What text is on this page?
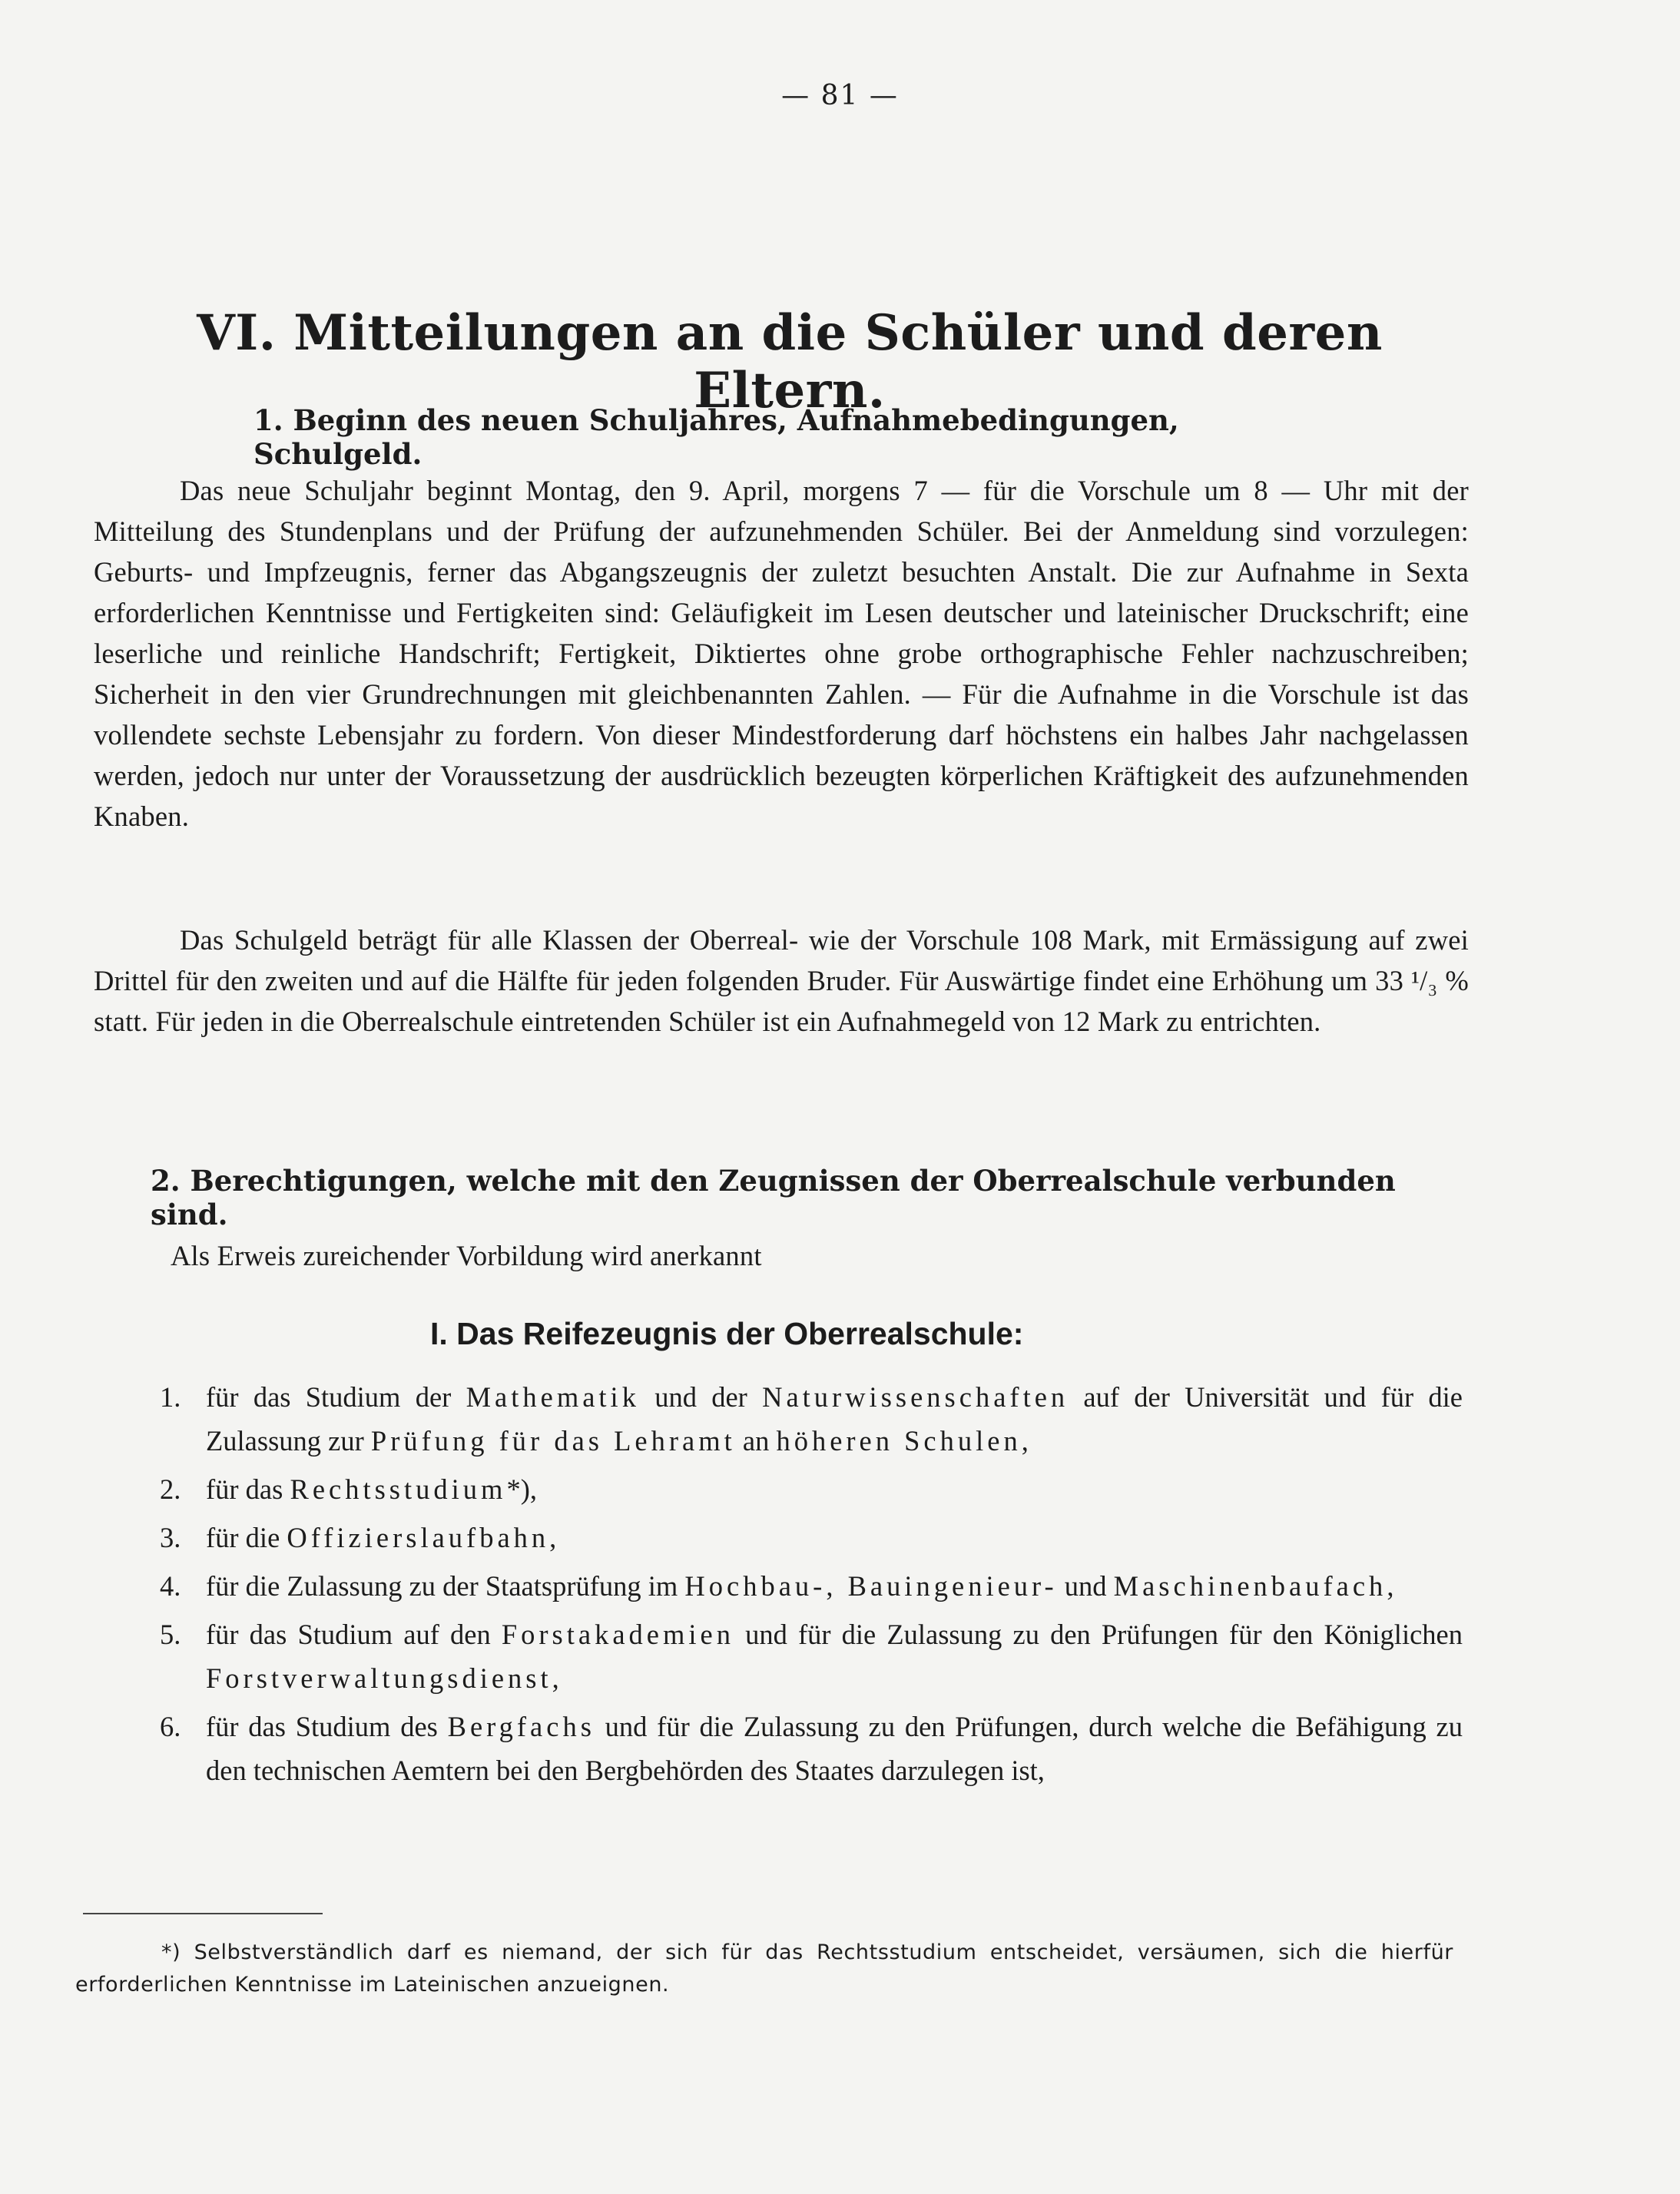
— 81 —
VI. Mitteilungen an die Schüler und deren Eltern.
1. Beginn des neuen Schuljahres, Aufnahmebedingungen, Schulgeld.
Das neue Schuljahr beginnt Montag, den 9. April, morgens 7 — für die Vorschule um 8 — Uhr mit der Mitteilung des Stundenplans und der Prüfung der aufzunehmenden Schüler. Bei der Anmeldung sind vorzulegen: Geburts- und Impfzeugnis, ferner das Abgangszeugnis der zuletzt besuchten Anstalt. Die zur Aufnahme in Sexta erforderlichen Kenntnisse und Fertigkeiten sind: Geläufigkeit im Lesen deutscher und lateinischer Druckschrift; eine leserliche und reinliche Handschrift; Fertigkeit, Diktiertes ohne grobe orthographische Fehler nachzuschreiben; Sicherheit in den vier Grundrechnungen mit gleichbenannten Zahlen. — Für die Aufnahme in die Vorschule ist das vollendete sechste Lebensjahr zu fordern. Von dieser Mindestforderung darf höchstens ein halbes Jahr nachgelassen werden, jedoch nur unter der Voraussetzung der ausdrücklich bezeugten körperlichen Kräftigkeit des aufzunehmenden Knaben.
Das Schulgeld beträgt für alle Klassen der Oberreal- wie der Vorschule 108 Mark, mit Ermässigung auf zwei Drittel für den zweiten und auf die Hälfte für jeden folgenden Bruder. Für Auswärtige findet eine Erhöhung um 33 ¹/₃ % statt. Für jeden in die Oberrealschule eintretenden Schüler ist ein Aufnahmegeld von 12 Mark zu entrichten.
2. Berechtigungen, welche mit den Zeugnissen der Oberrealschule verbunden sind.
Als Erweis zureichender Vorbildung wird anerkannt
I. Das Reifezeugnis der Oberrealschule:
1. für das Studium der Mathematik und der Naturwissenschaften auf der Universität und für die Zulassung zur Prüfung für das Lehramt an höheren Schulen,
2. für das Rechtsstudium*),
3. für die Offizierslaufbahn,
4. für die Zulassung zu der Staatsprüfung im Hochbau-, Bauingenieur- und Maschinenbaufach,
5. für das Studium auf den Forstakademien und für die Zulassung zu den Prüfungen für den Königlichen Forstverwaltungsdienst,
6. für das Studium des Bergfachs und für die Zulassung zu den Prüfungen, durch welche die Befähigung zu den technischen Aemtern bei den Bergbehörden des Staates darzulegen ist,
*) Selbstverständlich darf es niemand, der sich für das Rechtsstudium entscheidet, versäumen, sich die hierfür erforderlichen Kenntnisse im Lateinischen anzueignen.
